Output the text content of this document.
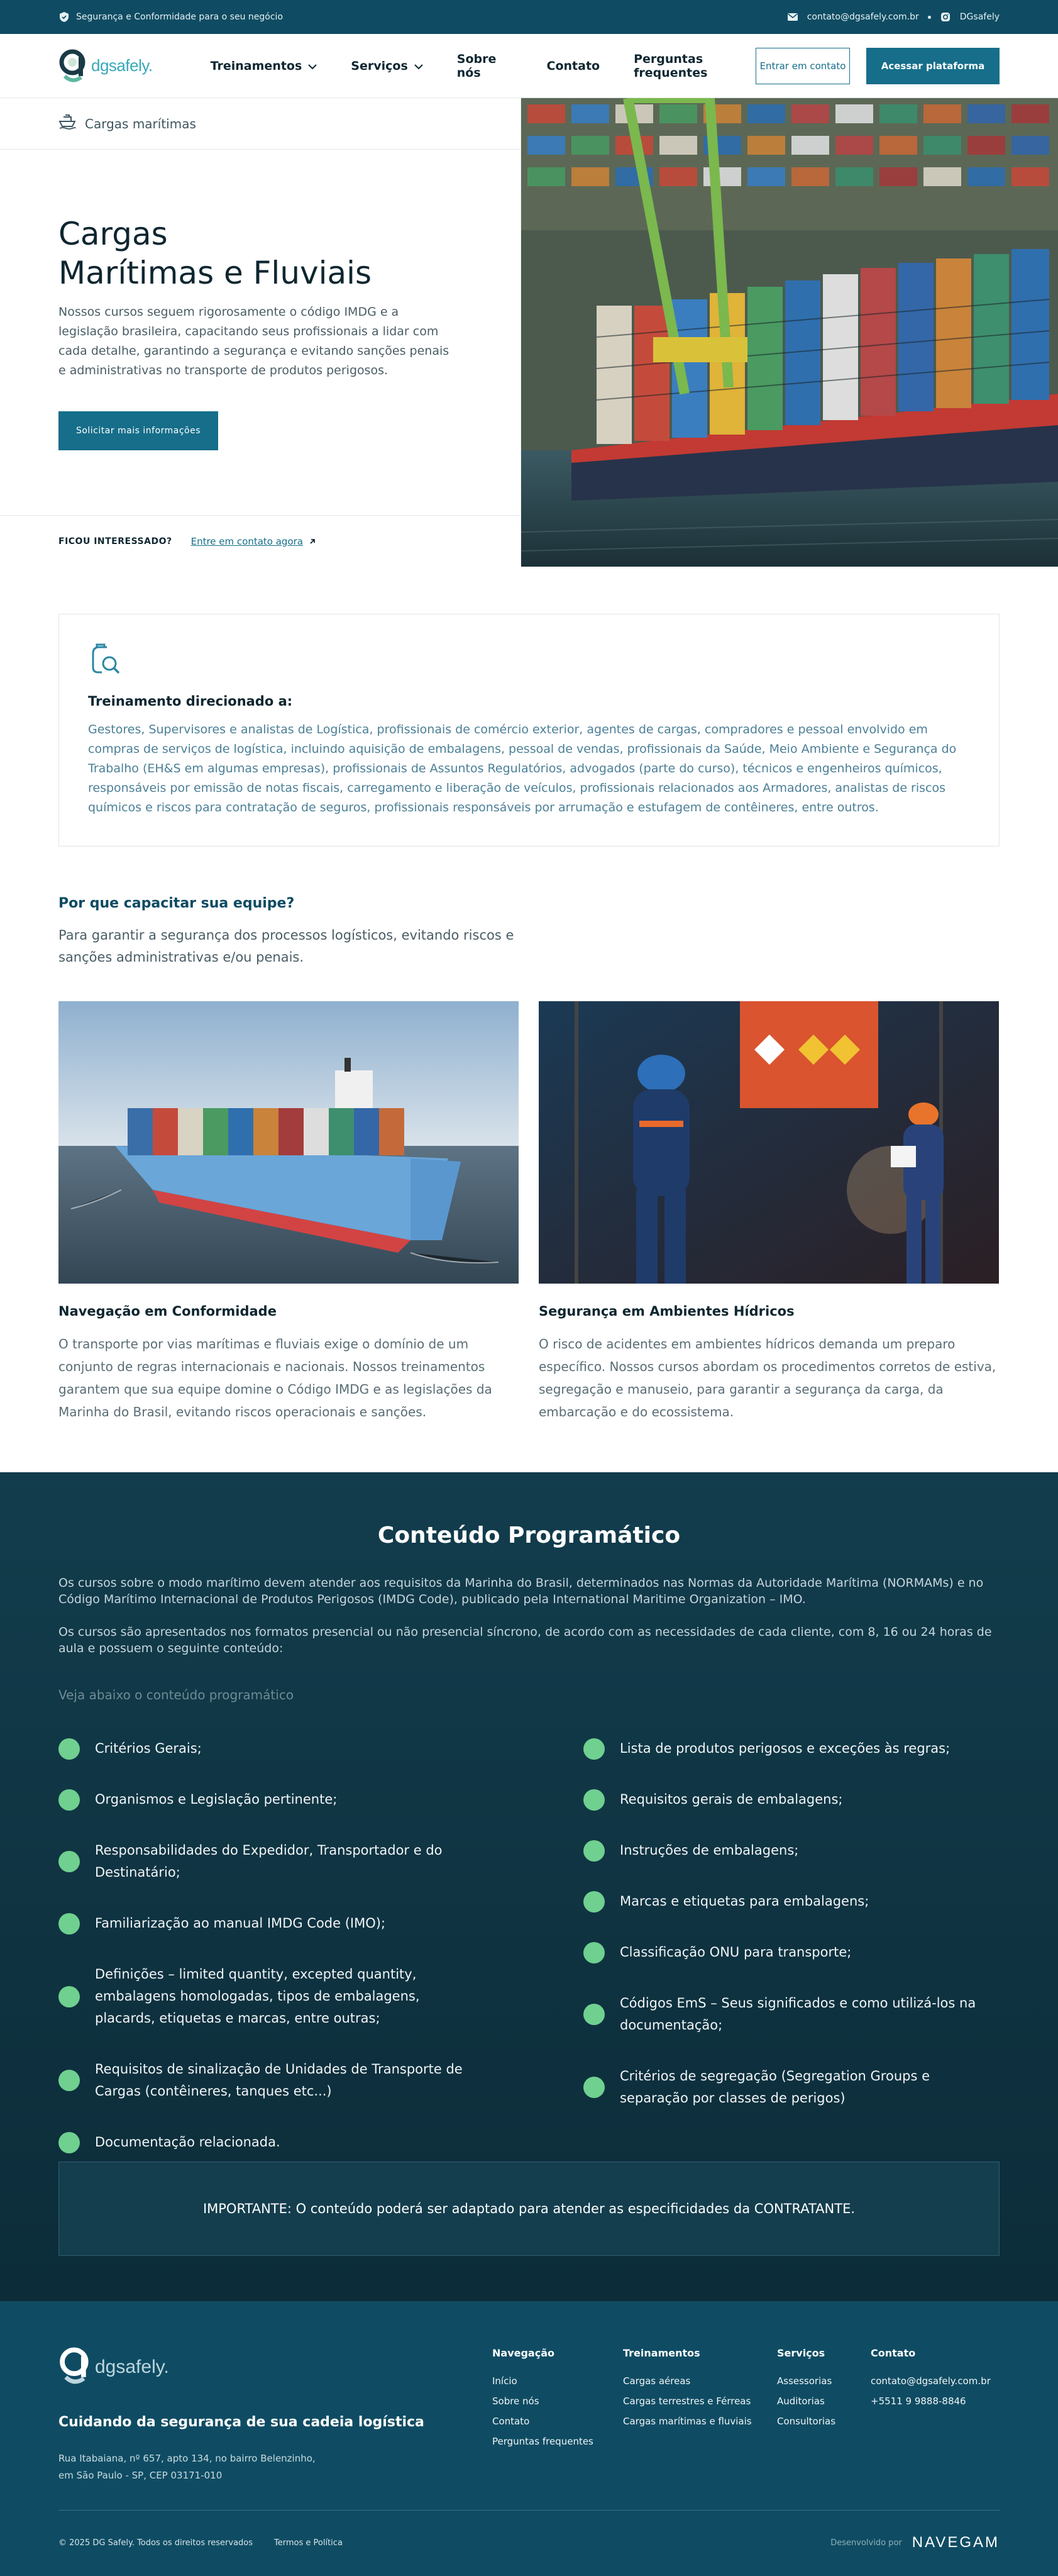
Segurança e Conformidade para o seu negócio	contato@dgsafely.com.br	DGsafely
dgsafely.	Treinamentos	Serviços	Sobre nós	Contato	Perguntas frequentes	Entrar em contato	Acessar plataforma
Cargas marítimas
Cargas
Marítimas e Fluviais

Nossos cursos seguem rigorosamente o código IMDG e a legislação brasileira, capacitando seus profissionais a lidar com cada detalhe, garantindo a segurança e evitando sanções penais e administrativas no transporte de produtos perigosos.

Solicitar mais informações
FICOU INTERESSADO? Entre em contato agora
Treinamento direcionado a:

Gestores, Supervisores e analistas de Logística, profissionais de comércio exterior, agentes de cargas, compradores e pessoal envolvido em compras de serviços de logística, incluindo aquisição de embalagens, pessoal de vendas, profissionais da Saúde, Meio Ambiente e Segurança do Trabalho (EH&S em algumas empresas), profissionais de Assuntos Regulatórios, advogados (parte do curso), técnicos e engenheiros químicos, responsáveis por emissão de notas fiscais, carregamento e liberação de veículos, profissionais relacionados aos Armadores, analistas de riscos químicos e riscos para contratação de seguros, profissionais responsáveis por arrumação e estufagem de contêineres, entre outros.

Por que capacitar sua equipe?

Para garantir a segurança dos processos logísticos, evitando riscos e sanções administrativas e/ou penais.

Navegação em Conformidade

O transporte por vias marítimas e fluviais exige o domínio de um conjunto de regras internacionais e nacionais. Nossos treinamentos garantem que sua equipe domine o Código IMDG e as legislações da Marinha do Brasil, evitando riscos operacionais e sanções.

Segurança em Ambientes Hídricos

O risco de acidentes em ambientes hídricos demanda um preparo específico. Nossos cursos abordam os procedimentos corretos de estiva, segregação e manuseio, para garantir a segurança da carga, da embarcação e do ecossistema.

Conteúdo Programático

Os cursos sobre o modo marítimo devem atender aos requisitos da Marinha do Brasil, determinados nas Normas da Autoridade Marítima (NORMAMs) e no Código Marítimo Internacional de Produtos Perigosos (IMDG Code), publicado pela International Maritime Organization – IMO.

Os cursos são apresentados nos formatos presencial ou não presencial síncrono, de acordo com as necessidades de cada cliente, com 8, 16 ou 24 horas de aula e possuem o seguinte conteúdo:

Veja abaixo o conteúdo programático

Critérios Gerais;
Organismos e Legislação pertinente;
Responsabilidades do Expedidor, Transportador e do Destinatário;
Familiarização ao manual IMDG Code (IMO);
Definições – limited quantity, excepted quantity, embalagens homologadas, tipos de embalagens, placards, etiquetas e marcas, entre outras;
Requisitos de sinalização de Unidades de Transporte de Cargas (contêineres, tanques etc...)
Documentação relacionada.
Lista de produtos perigosos e exceções às regras;
Requisitos gerais de embalagens;
Instruções de embalagens;
Marcas e etiquetas para embalagens;
Classificação ONU para transporte;
Códigos EmS – Seus significados e como utilizá-los na documentação;
Critérios de segregação (Segregation Groups e separação por classes de perigos)
IMPORTANTE: O conteúdo poderá ser adaptado para atender as especificidades da CONTRATANTE.
dgsafely.

Cuidando da segurança de sua cadeia logística

Rua Itabaiana, nº 657, apto 134, no bairro Belenzinho,
em São Paulo - SP, CEP 03171-010

Navegação
Início
Sobre nós
Contato
Perguntas frequentes
Treinamentos
Cargas aéreas
Cargas terrestres e Férreas
Cargas marítimas e fluviais
Serviços
Assessorias
Auditorias
Consultorias
Contato
contato@dgsafely.com.br
+5511 9 9888-8846
© 2025 DG Safely. Todos os direitos reservados	Termos e Política	Desenvolvido por NAVEGAM
